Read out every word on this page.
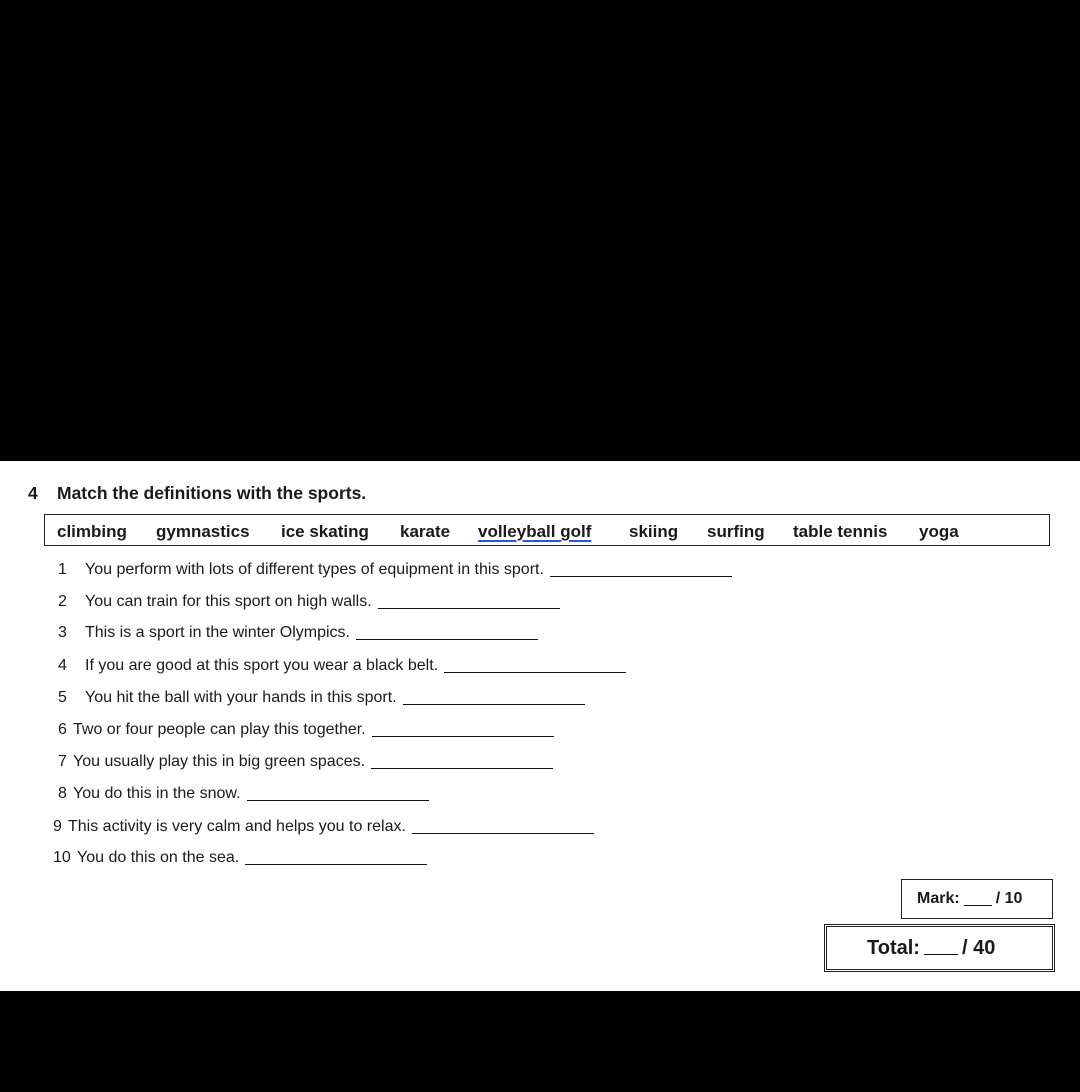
4 Match the definitions with the sports.
climbing gymnastics ice skating karate volleyball golf skiing surfing table tennis yoga
1	You perform with lots of different types of equipment in this sport.
2	You can train for this sport on high walls.
3	This is a sport in the winter Olympics.
4	If you are good at this sport you wear a black belt.
5	You hit the ball with your hands in this sport.
6 Two or four people can play this together.
7 You usually play this in big green spaces.
8 You do this in the snow.
9 This activity is very calm and helps you to relax.
10 You do this on the sea.
Mark: / 10
Total: / 40
